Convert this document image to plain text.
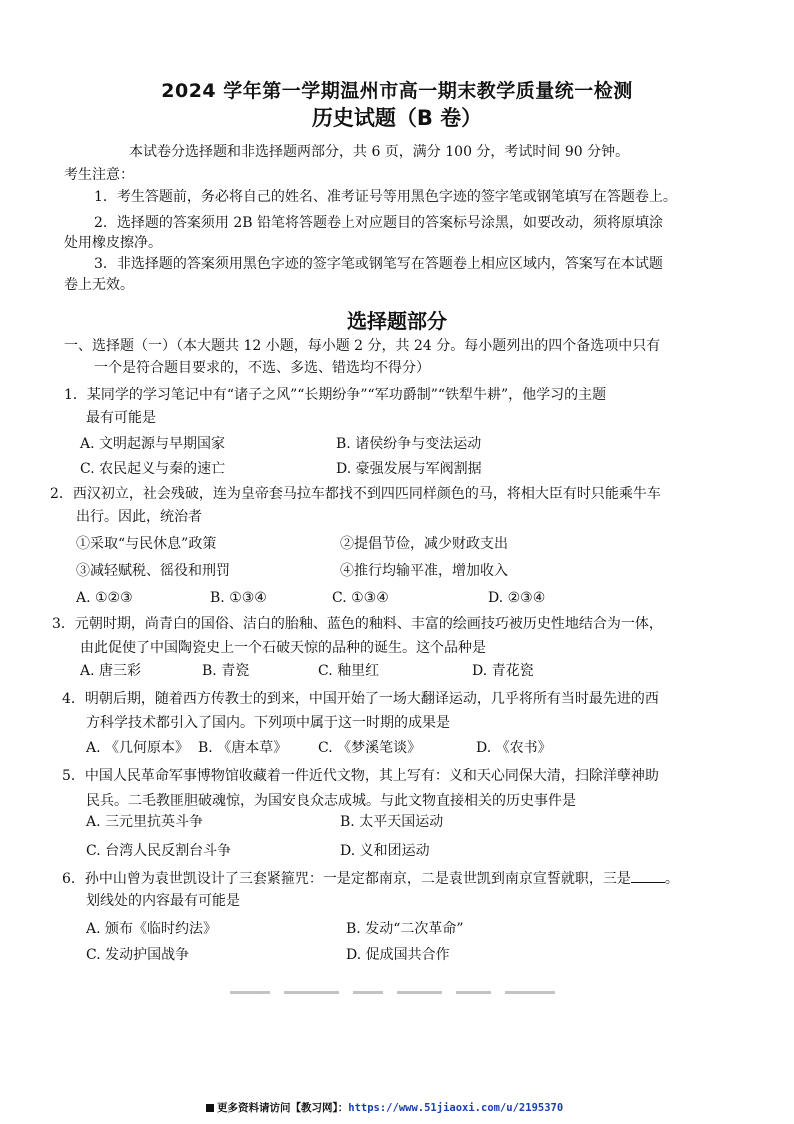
2024 学年第一学期温州市高一期末教学质量统一检测
历史试题（B 卷）
本试卷分选择题和非选择题两部分，共 6 页，满分 100 分，考试时间 90 分钟。
考生注意：
1．考生答题前，务必将自己的姓名、准考证号等用黑色字迹的签字笔或钢笔填写在答题卷上。
2．选择题的答案须用 2B 铅笔将答题卷上对应题目的答案标号涂黑，如要改动，须将原填涂
处用橡皮擦净。
3．非选择题的答案须用黑色字迹的签字笔或钢笔写在答题卷上相应区域内，答案写在本试题
卷上无效。
选择题部分
一、选择题（一）（本大题共 12 小题，每小题 2 分，共 24 分。每小题列出的四个备选项中只有
一个是符合题目要求的，不选、多选、错选均不得分）
1．某同学的学习笔记中有“诸子之风”“长期纷争”“军功爵制”“铁犁牛耕”，他学习的主题
最有可能是
A. 文明起源与早期国家	B. 诸侯纷争与变法运动
C. 农民起义与秦的速亡	D. 豪强发展与军阀割据
2．西汉初立，社会残破，连为皇帝套马拉车都找不到四匹同样颜色的马，将相大臣有时只能乘牛车
出行。因此，统治者
①采取“与民休息”政策	②提倡节俭，减少财政支出
③减轻赋税、徭役和刑罚	④推行均输平准，增加收入
A. ①②③	B. ①③④	C. ①③④	D. ②③④
3．元朝时期，尚青白的国俗、洁白的胎釉、蓝色的釉料、丰富的绘画技巧被历史性地结合为一体，
由此促使了中国陶瓷史上一个石破天惊的品种的诞生。这个品种是
A. 唐三彩	B. 青瓷	C. 釉里红	D. 青花瓷
4．明朝后期，随着西方传教士的到来，中国开始了一场大翻译运动，几乎将所有当时最先进的西
方科学技术都引入了国内。下列项中属于这一时期的成果是
A. 《几何原本》 B. 《唐本草》 C. 《梦溪笔谈》	D. 《农书》
5．中国人民革命军事博物馆收藏着一件近代文物，其上写有：义和天心同保大清，扫除洋孽神助
民兵。二毛教匪胆破魂惊，为国安良众志成城。与此文物直接相关的历史事件是
A. 三元里抗英斗争	B. 太平天国运动
C. 台湾人民反割台斗争	D. 义和团运动
6．孙中山曾为袁世凯设计了三套紧箍咒：一是定都南京，二是袁世凯到南京宣誓就职，三是 。
划线处的内容最有可能是
A. 颁布《临时约法》	B. 发动“二次革命”
C. 发动护国战争	D. 促成国共合作
更多资料请访问【教习网】：https://www.51jiaoxi.com/u/2195370
